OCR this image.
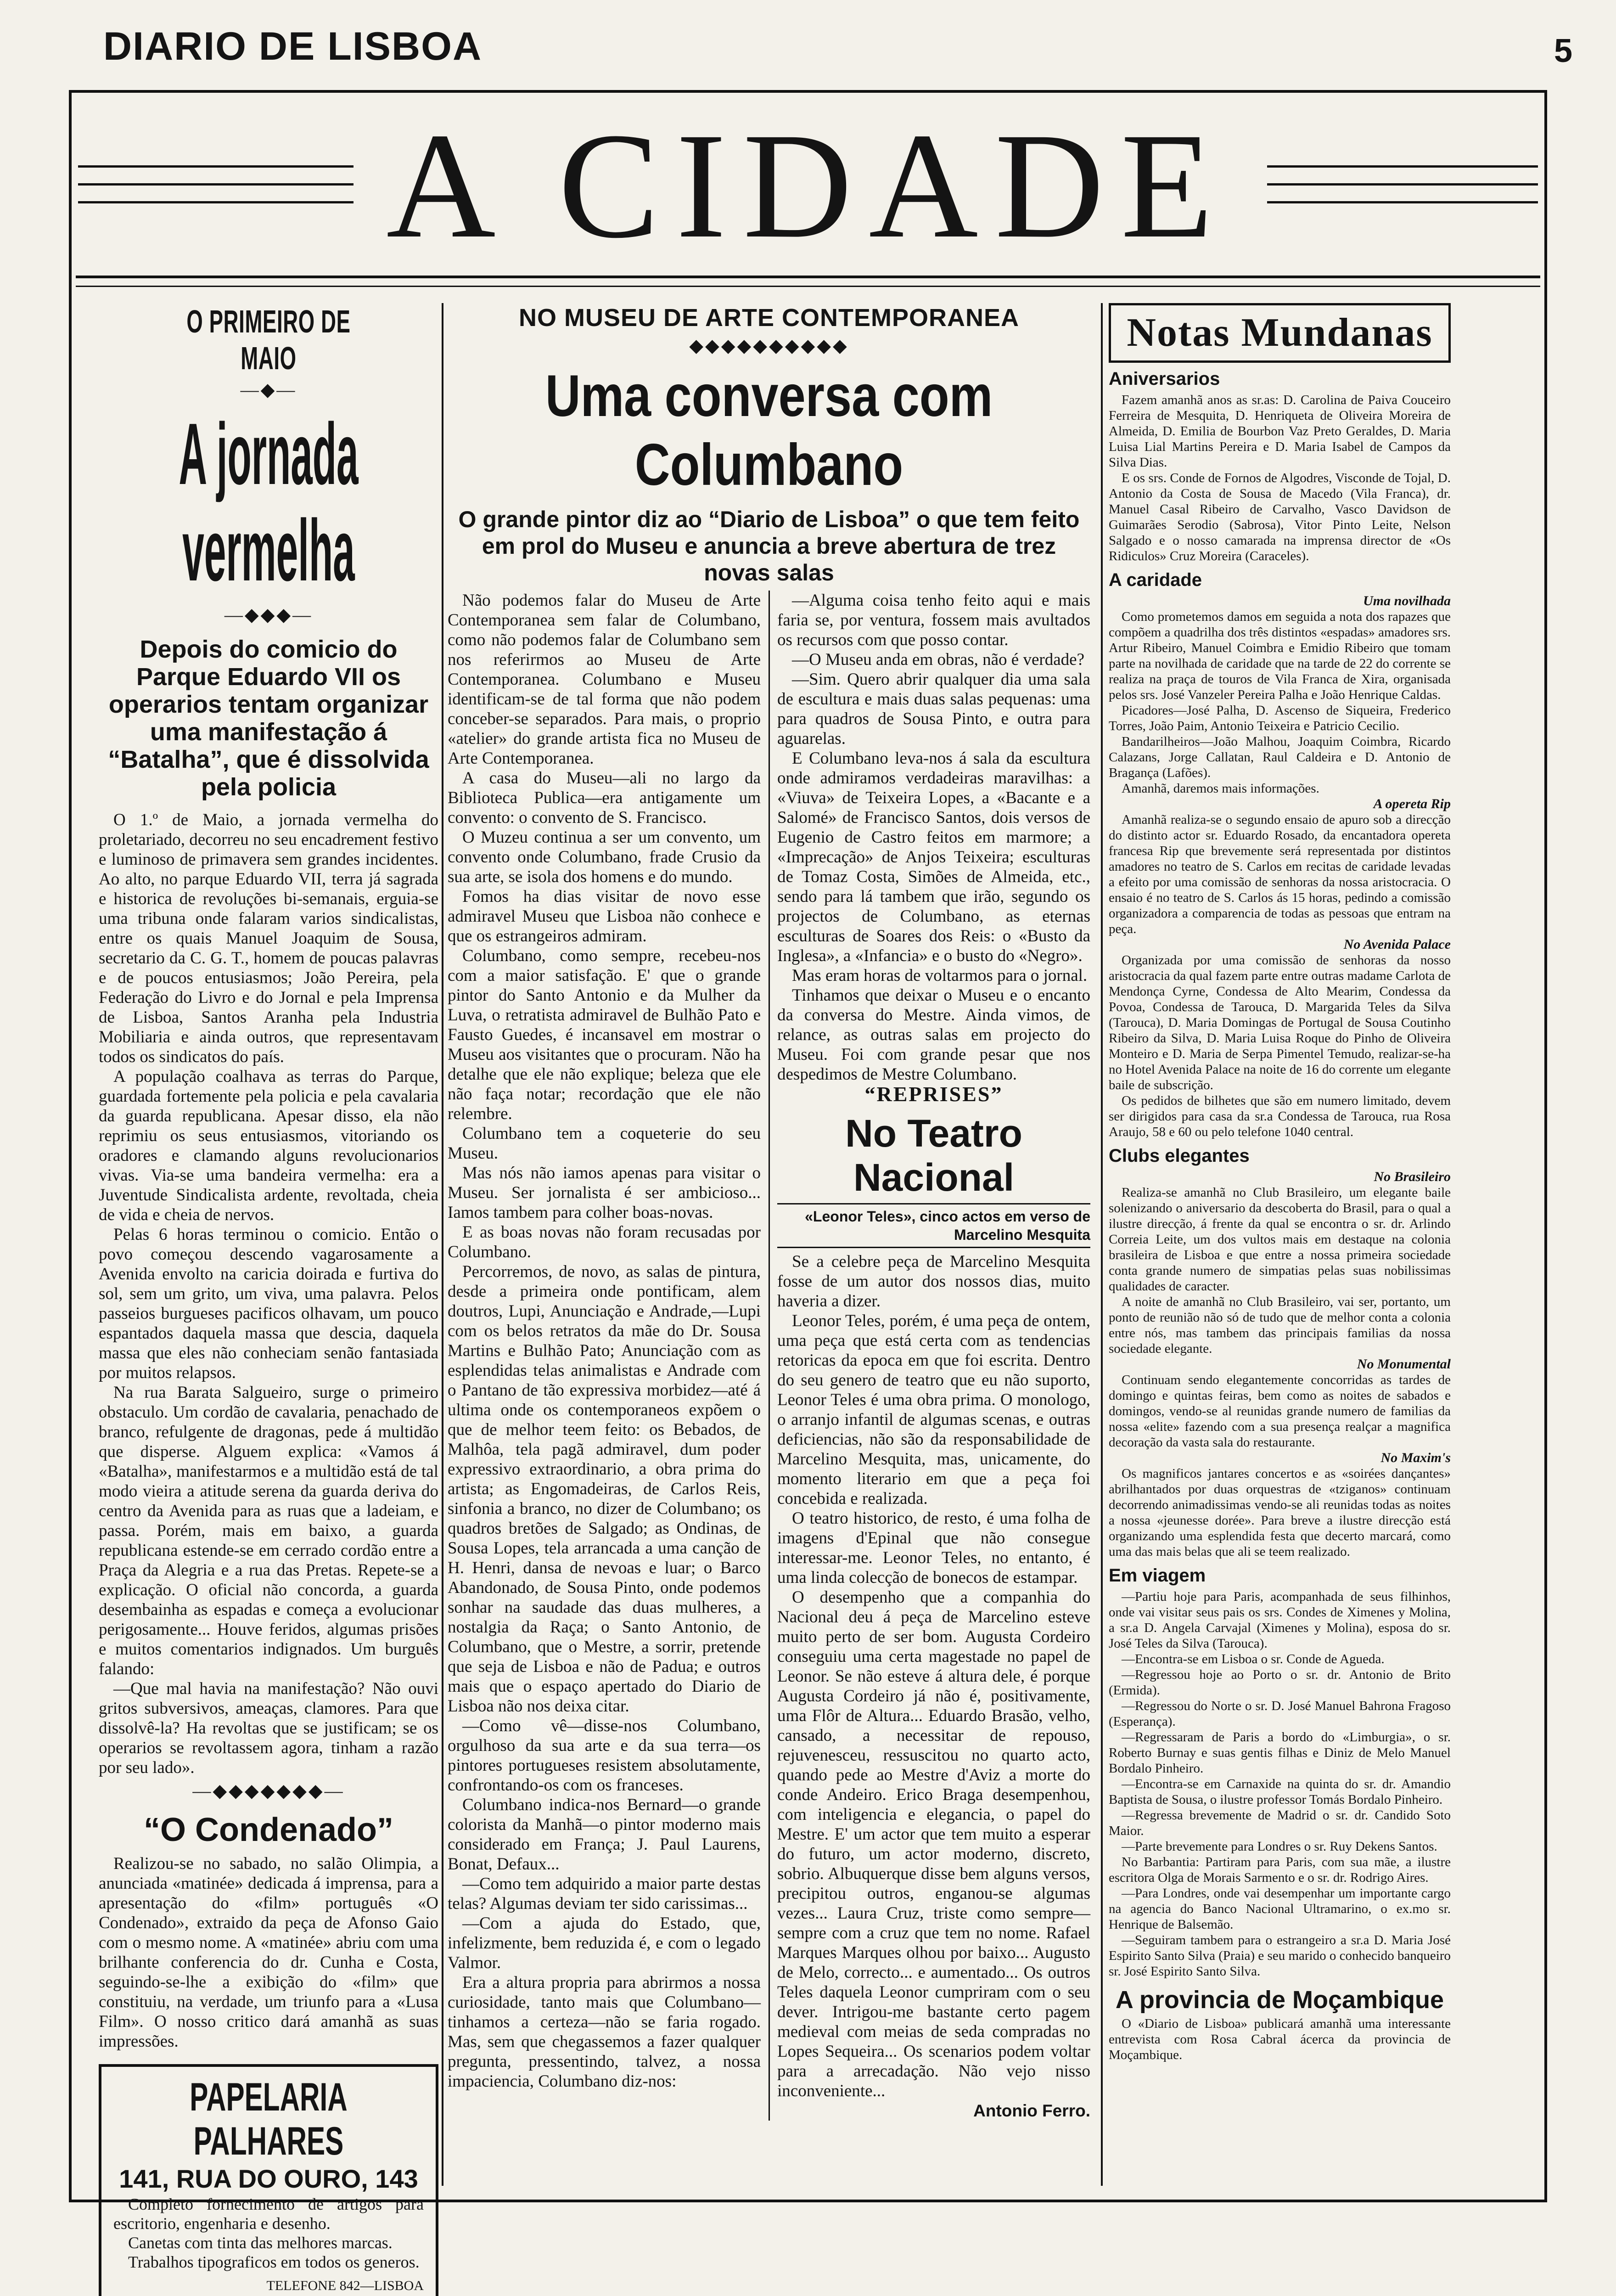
DIARIO DE LISBOA	5
A CIDADE
O PRIMEIRO DE MAIO
—◆—
A jornada vermelha
—◆◆◆—
Depois do comicio do Parque Eduardo VII os operarios tentam organizar uma manifestação á “Batalha”, que é dissolvida pela policia

O 1.º de Maio, a jornada vermelha do proletariado, decorreu no seu encadrement festivo e luminoso de primavera sem grandes incidentes. Ao alto, no parque Eduardo VII, terra já sagrada e historica de revoluções bi-semanais, erguia-se uma tribuna onde falaram varios sindicalistas, entre os quais Manuel Joaquim de Sousa, secretario da C. G. T., homem de poucas palavras e de poucos entusiasmos; João Pereira, pela Federação do Livro e do Jornal e pela Imprensa de Lisboa, Santos Aranha pela Industria Mobiliaria e ainda outros, que representavam todos os sindicatos do país.

A população coalhava as terras do Parque, guardada fortemente pela policia e pela cavalaria da guarda republicana. Apesar disso, ela não reprimiu os seus entusiasmos, vitoriando os oradores e clamando alguns revolucionarios vivas. Via-se uma bandeira vermelha: era a Juventude Sindicalista ardente, revoltada, cheia de vida e cheia de nervos.

Pelas 6 horas terminou o comicio. Então o povo começou descendo vagarosamente a Avenida envolto na caricia doirada e furtiva do sol, sem um grito, um viva, uma palavra. Pelos passeios burgueses pacificos olhavam, um pouco espantados daquela massa que descia, daquela massa que eles não conheciam senão fantasiada por muitos relapsos.

Na rua Barata Salgueiro, surge o primeiro obstaculo. Um cordão de cavalaria, penachado de branco, refulgente de dragonas, pede á multidão que disperse. Alguem explica: «Vamos á «Batalha», manifestarmos e a multidão está de tal modo vieira a atitude serena da guarda deriva do centro da Avenida para as ruas que a ladeiam, e passa. Porém, mais em baixo, a guarda republicana estende-se em cerrado cordão entre a Praça da Alegria e a rua das Pretas. Repete-se a explicação. O oficial não concorda, a guarda desembainha as espadas e começa a evolucionar perigosamente... Houve feridos, algumas prisões e muitos comentarios indignados. Um burguês falando:

—Que mal havia na manifestação? Não ouvi gritos subversivos, ameaças, clamores. Para que dissolvê-la? Ha revoltas que se justificam; se os operarios se revoltassem agora, tinham a razão por seu lado».

—◆◆◆◆◆◆◆—
“O Condenado”

Realizou-se no sabado, no salão Olimpia, a anunciada «matinée» dedicada á imprensa, para a apresentação do «film» português «O Condenado», extraido da peça de Afonso Gaio com o mesmo nome. A «matinée» abriu com uma brilhante conferencia do dr. Cunha e Costa, seguindo-se-lhe a exibição do «film» que constituiu, na verdade, um triunfo para a «Lusa Film». O nosso critico dará amanhã as suas impressões.

PAPELARIA PALHARES
141, RUA DO OURO, 143

Completo fornecimento de artigos para escritorio, engenharia e desenho.

Canetas com tinta das melhores marcas.

Trabalhos tipograficos em todos os generos.

TELEFONE 842—LISBOA
NO MUSEU DE ARTE CONTEMPORANEA
◆◆◆◆◆◆◆◆◆◆
Uma conversa com Columbano
O grande pintor diz ao “Diario de Lisboa” o que tem feito em prol do Museu e anuncia a breve abertura de trez novas salas

Não podemos falar do Museu de Arte Contemporanea sem falar de Columbano, como não podemos falar de Columbano sem nos referirmos ao Museu de Arte Contemporanea. Columbano e Museu identificam-se de tal forma que não podem conceber-se separados. Para mais, o proprio «atelier» do grande artista fica no Museu de Arte Contemporanea.

A casa do Museu—ali no largo da Biblioteca Publica—era antigamente um convento: o convento de S. Francisco.

O Muzeu continua a ser um convento, um convento onde Columbano, frade Crusio da sua arte, se isola dos homens e do mundo.

Fomos ha dias visitar de novo esse admiravel Museu que Lisboa não conhece e que os estrangeiros admiram.

Columbano, como sempre, recebeu-nos com a maior satisfação. E' que o grande pintor do Santo Antonio e da Mulher da Luva, o retratista admiravel de Bulhão Pato e Fausto Guedes, é incansavel em mostrar o Museu aos visitantes que o procuram. Não ha detalhe que ele não explique; beleza que ele não faça notar; recordação que ele não relembre.

Columbano tem a coqueterie do seu Museu.

Mas nós não iamos apenas para visitar o Museu. Ser jornalista é ser ambicioso... Iamos tambem para colher boas-novas.

E as boas novas não foram recusadas por Columbano.

Percorremos, de novo, as salas de pintura, desde a primeira onde pontificam, alem doutros, Lupi, Anunciação e Andrade,—Lupi com os belos retratos da mãe do Dr. Sousa Martins e Bulhão Pato; Anunciação com as esplendidas telas animalistas e Andrade com o Pantano de tão expressiva morbidez—até á ultima onde os contemporaneos expõem o que de melhor teem feito: os Bebados, de Malhôa, tela pagã admiravel, dum poder expressivo extraordinario, a obra prima do artista; as Engomadeiras, de Carlos Reis, sinfonia a branco, no dizer de Columbano; os quadros bretões de Salgado; as Ondinas, de Sousa Lopes, tela arrancada a uma canção de H. Henri, dansa de nevoas e luar; o Barco Abandonado, de Sousa Pinto, onde podemos sonhar na saudade das duas mulheres, a nostalgia da Raça; o Santo Antonio, de Columbano, que o Mestre, a sorrir, pretende que seja de Lisboa e não de Padua; e outros mais que o espaço apertado do Diario de Lisboa não nos deixa citar.

—Como vê—disse-nos Columbano, orgulhoso da sua arte e da sua terra—os pintores portugueses resistem absolutamente, confrontando-os com os franceses.

Columbano indica-nos Bernard—o grande colorista da Manhã—o pintor moderno mais considerado em França; J. Paul Laurens, Bonat, Defaux...

—Como tem adquirido a maior parte destas telas? Algumas deviam ter sido carissimas...

—Com a ajuda do Estado, que, infelizmente, bem reduzida é, e com o legado Valmor.

Era a altura propria para abrirmos a nossa curiosidade, tanto mais que Columbano—tinhamos a certeza—não se faria rogado. Mas, sem que chegassemos a fazer qualquer pregunta, pressentindo, talvez, a nossa impaciencia, Columbano diz-nos:

—Alguma coisa tenho feito aqui e mais faria se, por ventura, fossem mais avultados os recursos com que posso contar.

—O Museu anda em obras, não é verdade?

—Sim. Quero abrir qualquer dia uma sala de escultura e mais duas salas pequenas: uma para quadros de Sousa Pinto, e outra para aguarelas.

E Columbano leva-nos á sala da escultura onde admiramos verdadeiras maravilhas: a «Viuva» de Teixeira Lopes, a «Bacante e a Salomé» de Francisco Santos, dois versos de Eugenio de Castro feitos em marmore; a «Imprecação» de Anjos Teixeira; esculturas de Tomaz Costa, Simões de Almeida, etc., sendo para lá tambem que irão, segundo os projectos de Columbano, as eternas esculturas de Soares dos Reis: o «Busto da Inglesa», a «Infancia» e o busto do «Negro».

Mas eram horas de voltarmos para o jornal.

Tinhamos que deixar o Museu e o encanto da conversa do Mestre. Ainda vimos, de relance, as outras salas em projecto do Museu. Foi com grande pesar que nos despedimos de Mestre Columbano.

“REPRISES”
No Teatro Nacional
«Leonor Teles», cinco actos em verso de Marcelino Mesquita

Se a celebre peça de Marcelino Mesquita fosse de um autor dos nossos dias, muito haveria a dizer.

Leonor Teles, porém, é uma peça de ontem, uma peça que está certa com as tendencias retoricas da epoca em que foi escrita. Dentro do seu genero de teatro que eu não suporto, Leonor Teles é uma obra prima. O monologo, o arranjo infantil de algumas scenas, e outras deficiencias, não são da responsabilidade de Marcelino Mesquita, mas, unicamente, do momento literario em que a peça foi concebida e realizada.

O teatro historico, de resto, é uma folha de imagens d'Epinal que não consegue interessar-me. Leonor Teles, no entanto, é uma linda colecção de bonecos de estampar.

O desempenho que a companhia do Nacional deu á peça de Marcelino esteve muito perto de ser bom. Augusta Cordeiro conseguiu uma certa magestade no papel de Leonor. Se não esteve á altura dele, é porque Augusta Cordeiro já não é, positivamente, uma Flôr de Altura... Eduardo Brasão, velho, cansado, a necessitar de repouso, rejuvenesceu, ressuscitou no quarto acto, quando pede ao Mestre d'Aviz a morte do conde Andeiro. Erico Braga desempenhou, com inteligencia e elegancia, o papel do Mestre. E' um actor que tem muito a esperar do futuro, um actor moderno, discreto, sobrio. Albuquerque disse bem alguns versos, precipitou outros, enganou-se algumas vezes... Laura Cruz, triste como sempre—sempre com a cruz que tem no nome. Rafael Marques Marques olhou por baixo... Augusto de Melo, correcto... e aumentado... Os outros Teles daquela Leonor cumpriram com o seu dever. Intrigou-me bastante certo pagem medieval com meias de seda compradas no Lopes Sequeira... Os scenarios podem voltar para a arrecadação. Não vejo nisso inconveniente...

Antonio Ferro.
Notas Mundanas
Aniversarios

Fazem amanhã anos as sr.as: D. Carolina de Paiva Couceiro Ferreira de Mesquita, D. Henriqueta de Oliveira Moreira de Almeida, D. Emilia de Bourbon Vaz Preto Geraldes, D. Maria Luisa Lial Martins Pereira e D. Maria Isabel de Campos da Silva Dias.

E os srs. Conde de Fornos de Algodres, Visconde de Tojal, D. Antonio da Costa de Sousa de Macedo (Vila Franca), dr. Manuel Casal Ribeiro de Carvalho, Vasco Davidson de Guimarães Serodio (Sabrosa), Vitor Pinto Leite, Nelson Salgado e o nosso camarada na imprensa director de «Os Ridiculos» Cruz Moreira (Caraceles).

A caridade
Uma novilhada

Como prometemos damos em seguida a nota dos rapazes que compõem a quadrilha dos três distintos «espadas» amadores srs. Artur Ribeiro, Manuel Coimbra e Emidio Ribeiro que tomam parte na novilhada de caridade que na tarde de 22 do corrente se realiza na praça de touros de Vila Franca de Xira, organisada pelos srs. José Vanzeler Pereira Palha e João Henrique Caldas.

Picadores—José Palha, D. Ascenso de Siqueira, Frederico Torres, João Paim, Antonio Teixeira e Patricio Cecilio.

Bandarilheiros—João Malhou, Joaquim Coimbra, Ricardo Calazans, Jorge Callatan, Raul Caldeira e D. Antonio de Bragança (Lafões).

Amanhã, daremos mais informações.

A opereta Rip

Amanhã realiza-se o segundo ensaio de apuro sob a direcção do distinto actor sr. Eduardo Rosado, da encantadora opereta francesa Rip que brevemente será representada por distintos amadores no teatro de S. Carlos em recitas de caridade levadas a efeito por uma comissão de senhoras da nossa aristocracia. O ensaio é no teatro de S. Carlos ás 15 horas, pedindo a comissão organizadora a comparencia de todas as pessoas que entram na peça.

No Avenida Palace

Organizada por uma comissão de senhoras da nosso aristocracia da qual fazem parte entre outras madame Carlota de Mendonça Cyrne, Condessa de Alto Mearim, Condessa da Povoa, Condessa de Tarouca, D. Margarida Teles da Silva (Tarouca), D. Maria Domingas de Portugal de Sousa Coutinho Ribeiro da Silva, D. Maria Luisa Roque do Pinho de Oliveira Monteiro e D. Maria de Serpa Pimentel Temudo, realizar-se-ha no Hotel Avenida Palace na noite de 16 do corrente um elegante baile de subscrição.

Os pedidos de bilhetes que são em numero limitado, devem ser dirigidos para casa da sr.a Condessa de Tarouca, rua Rosa Araujo, 58 e 60 ou pelo telefone 1040 central.

Clubs elegantes
No Brasileiro

Realiza-se amanhã no Club Brasileiro, um elegante baile solenizando o aniversario da descoberta do Brasil, para o qual a ilustre direcção, á frente da qual se encontra o sr. dr. Arlindo Correia Leite, um dos vultos mais em destaque na colonia brasileira de Lisboa e que entre a nossa primeira sociedade conta grande numero de simpatias pelas suas nobilissimas qualidades de caracter.

A noite de amanhã no Club Brasileiro, vai ser, portanto, um ponto de reunião não só de tudo que de melhor conta a colonia entre nós, mas tambem das principais familias da nossa sociedade elegante.

No Monumental

Continuam sendo elegantemente concorridas as tardes de domingo e quintas feiras, bem como as noites de sabados e domingos, vendo-se al reunidas grande numero de familias da nossa «elite» fazendo com a sua presença realçar a magnifica decoração da vasta sala do restaurante.

No Maxim's

Os magnificos jantares concertos e as «soirées dançantes» abrilhantados por duas orquestras de «tziganos» continuam decorrendo animadissimas vendo-se ali reunidas todas as noites a nossa «jeunesse dorée». Para breve a ilustre direcção está organizando uma esplendida festa que decerto marcará, como uma das mais belas que ali se teem realizado.

Em viagem

—Partiu hoje para Paris, acompanhada de seus filhinhos, onde vai visitar seus pais os srs. Condes de Ximenes y Molina, a sr.a D. Angela Carvajal (Ximenes y Molina), esposa do sr. José Teles da Silva (Tarouca).

—Encontra-se em Lisboa o sr. Conde de Agueda.

—Regressou hoje ao Porto o sr. dr. Antonio de Brito (Ermida).

—Regressou do Norte o sr. D. José Manuel Bahrona Fragoso (Esperança).

—Regressaram de Paris a bordo do «Limburgia», o sr. Roberto Burnay e suas gentis filhas e Diniz de Melo Manuel Bordalo Pinheiro.

—Encontra-se em Carnaxide na quinta do sr. dr. Amandio Baptista de Sousa, o ilustre professor Tomás Bordalo Pinheiro.

—Regressa brevemente de Madrid o sr. dr. Candido Soto Maior.

—Parte brevemente para Londres o sr. Ruy Dekens Santos.

No Barbantia: Partiram para Paris, com sua mãe, a ilustre escritora Olga de Morais Sarmento e o sr. dr. Rodrigo Aires.

—Para Londres, onde vai desempenhar um importante cargo na agencia do Banco Nacional Ultramarino, o ex.mo sr. Henrique de Balsemão.

—Seguiram tambem para o estrangeiro a sr.a D. Maria José Espirito Santo Silva (Praia) e seu marido o conhecido banqueiro sr. José Espirito Santo Silva.

A provincia de Moçambique

O «Diario de Lisboa» publicará amanhã uma interessante entrevista com Rosa Cabral ácerca da provincia de Moçambique.
